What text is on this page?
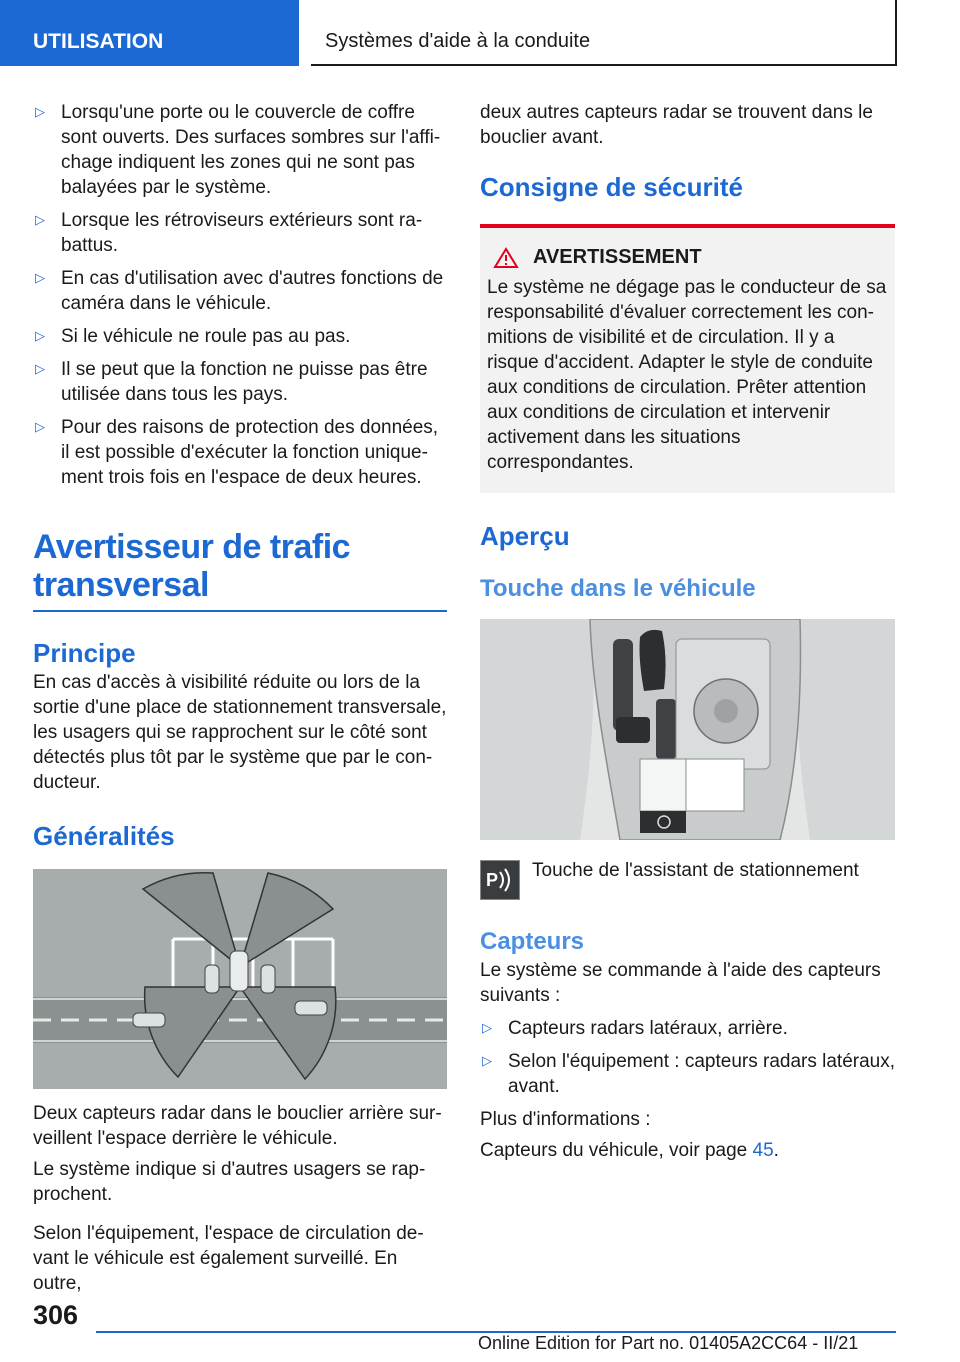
UTILISATION	Systèmes d'aide à la conduite
▷ Lorsqu'une porte ou le couvercle de coffre sont ouverts. Des surfaces sombres sur l'affichage indiquent les zones qui ne sont pas balayées par le système.
▷ Lorsque les rétroviseurs extérieurs sont rabattus.
▷ En cas d'utilisation avec d'autres fonctions de caméra dans le véhicule.
▷ Si le véhicule ne roule pas au pas.
▷ Il se peut que la fonction ne puisse pas être utilisée dans tous les pays.
▷ Pour des raisons de protection des données, il est possible d'exécuter la fonction uniquement trois fois en l'espace de deux heures.
Avertisseur de trafic transversal
Principe

En cas d'accès à visibilité réduite ou lors de la sortie d'une place de stationnement transversale, les usagers qui se rapprochent sur le côté sont détectés plus tôt par le système que par le conducteur.

Généralités

Deux capteurs radar dans le bouclier arrière surveillent l'espace derrière le véhicule.

Le système indique si d'autres usagers se rapprochent.

Selon l'équipement, l'espace de circulation devant le véhicule est également surveillé. En outre,

deux autres capteurs radar se trouvent dans le bouclier avant.

Consigne de sécurité
AVERTISSEMENT

Le système ne dégage pas le conducteur de sa responsabilité d'évaluer correctement les conmitions de visibilité et de circulation. Il y a risque d'accident. Adapter le style de conduite aux conditions de circulation. Prêter attention aux conditions de circulation et intervenir activement dans les situations correspondantes.

Aperçu
Touche dans le véhicule
P Touche de l'assistant de stationnement

Capteurs

Le système se commande à l'aide des capteurs suivants :

▷ Capteurs radars latéraux, arrière.
▷ Selon l'équipement : capteurs radars latéraux, avant.

Plus d'informations :

Capteurs du véhicule, voir page 45.

306
Online Edition for Part no. 01405A2CC64 - II/21
